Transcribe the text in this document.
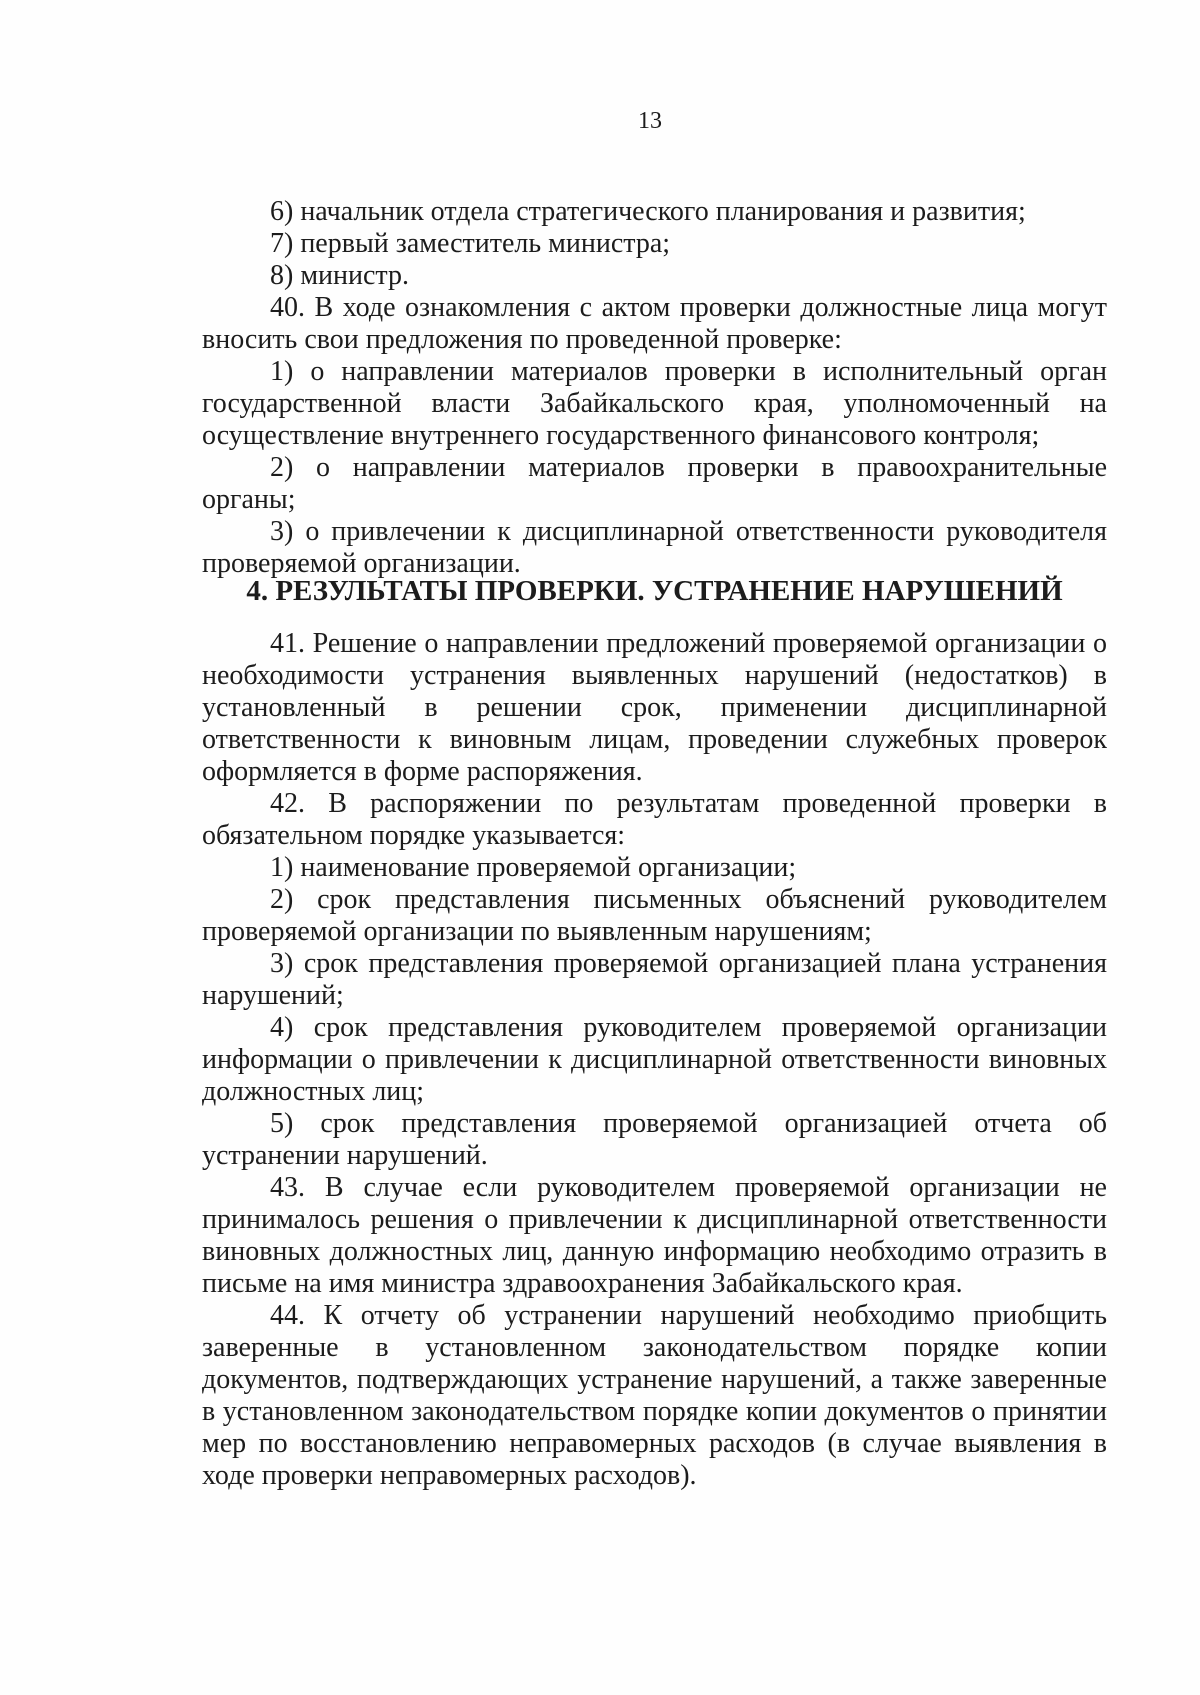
13

6) начальник отдела стратегического планирования и развития;

7) первый заместитель министра;

8) министр.

40. В ходе ознакомления с актом проверки должностные лица могут вносить свои предложения по проведенной проверке:

1) о направлении материалов проверки в исполнительный орган государственной власти Забайкальского края, уполномоченный на осуществление внутреннего государственного финансового контроля;

2) о направлении материалов проверки в правоохранительные органы;

3) о привлечении к дисциплинарной ответственности руководителя проверяемой организации.

4. РЕЗУЛЬТАТЫ ПРОВЕРКИ. УСТРАНЕНИЕ НАРУШЕНИЙ

41. Решение о направлении предложений проверяемой организации о необходимости устранения выявленных нарушений (недостатков) в установленный в решении срок, применении дисциплинарной ответственности к виновным лицам, проведении служебных проверок оформляется в форме распоряжения.

42. В распоряжении по результатам проведенной проверки в обязательном порядке указывается:

1) наименование проверяемой организации;

2) срок представления письменных объяснений руководителем проверяемой организации по выявленным нарушениям;

3) срок представления проверяемой организацией плана устранения нарушений;

4) срок представления руководителем проверяемой организации информации о привлечении к дисциплинарной ответственности виновных должностных лиц;

5) срок представления проверяемой организацией отчета об устранении нарушений.

43. В случае если руководителем проверяемой организации не принималось решения о привлечении к дисциплинарной ответственности виновных должностных лиц, данную информацию необходимо отразить в письме на имя министра здравоохранения Забайкальского края.

44. К отчету об устранении нарушений необходимо приобщить заверенные в установленном законодательством порядке копии документов, подтверждающих устранение нарушений, а также заверенные в установленном законодательством порядке копии документов о принятии мер по восстановлению неправомерных расходов (в случае выявления в ходе проверки неправомерных расходов).
